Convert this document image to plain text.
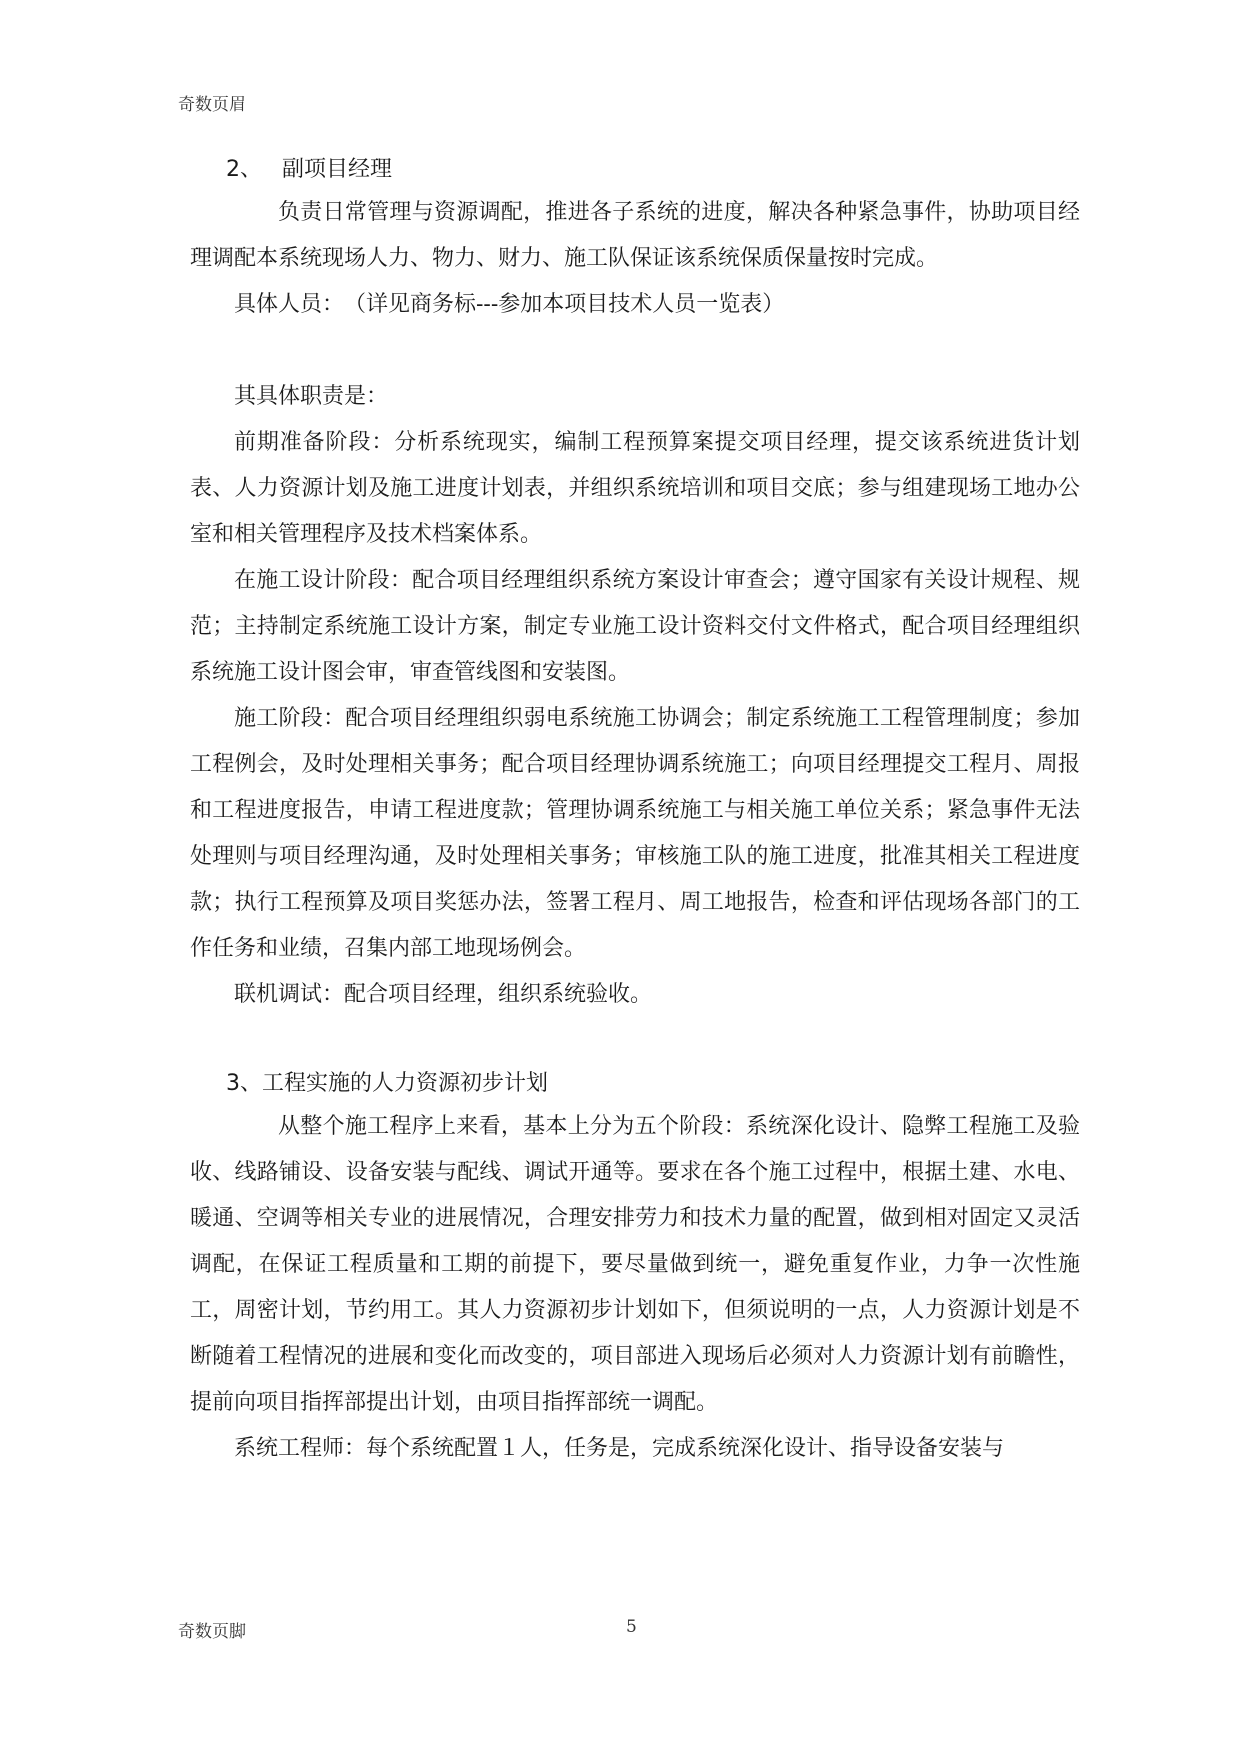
奇数页眉
2、 副项目经理

负责日常管理与资源调配，推进各子系统的进度，解决各种紧急事件，协助项目经理调配本系统现场人力、物力、财力、施工队保证该系统保质保量按时完成。

具体人员：　（详见商务标---参加本项目技术人员一览表）

其具体职责是：

前期准备阶段：分析系统现实，编制工程预算案提交项目经理，提交该系统进货计划表、人力资源计划及施工进度计划表，并组织系统培训和项目交底；参与组建现场工地办公室和相关管理程序及技术档案体系。

在施工设计阶段：配合项目经理组织系统方案设计审查会；遵守国家有关设计规程、规范；主持制定系统施工设计方案，制定专业施工设计资料交付文件格式，配合项目经理组织系统施工设计图会审，审查管线图和安装图。

施工阶段：配合项目经理组织弱电系统施工协调会；制定系统施工工程管理制度；参加工程例会，及时处理相关事务；配合项目经理协调系统施工；向项目经理提交工程月、周报和工程进度报告，申请工程进度款；管理协调系统施工与相关施工单位关系；紧急事件无法处理则与项目经理沟通，及时处理相关事务；审核施工队的施工进度，批准其相关工程进度款；执行工程预算及项目奖惩办法，签署工程月、周工地报告，检查和评估现场各部门的工作任务和业绩，召集内部工地现场例会。

联机调试：配合项目经理，组织系统验收。

3、工程实施的人力资源初步计划

从整个施工程序上来看，基本上分为五个阶段：系统深化设计、隐弊工程施工及验收、线路铺设、设备安装与配线、调试开通等。要求在各个施工过程中，根据土建、水电、暖通、空调等相关专业的进展情况，合理安排劳力和技术力量的配置，做到相对固定又灵活调配，在保证工程质量和工期的前提下，要尽量做到统一，避免重复作业，力争一次性施工，周密计划，节约用工。其人力资源初步计划如下，但须说明的一点，人力资源计划是不断随着工程情况的进展和变化而改变的，项目部进入现场后必须对人力资源计划有前瞻性，提前向项目指挥部提出计划，由项目指挥部统一调配。

系统工程师：每个系统配置１人，任务是，完成系统深化设计、指导设备安装与

奇数页脚	5
